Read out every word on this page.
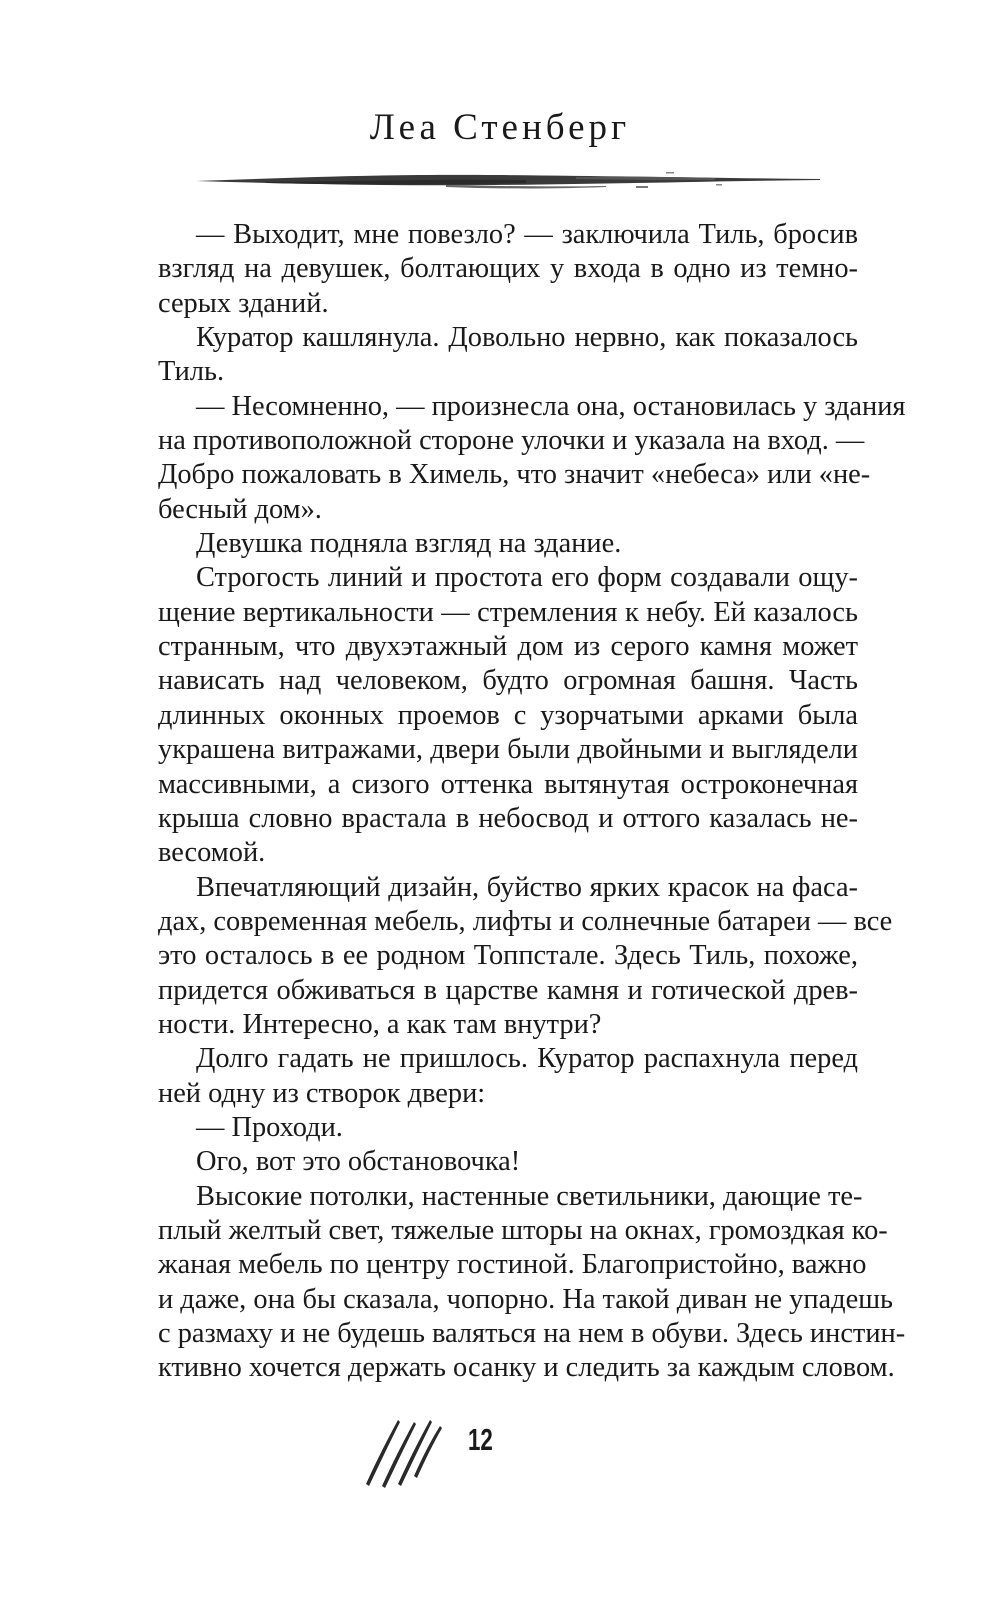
Леа Стенберг
— Выходит, мне повезло? — заключила Тиль, бросив
взгляд на девушек, болтающих у входа в одно из темно-
серых зданий.
Куратор кашлянула. Довольно нервно, как показалось
Тиль.
— Несомненно, — произнесла она, остановилась у здания
на противоположной стороне улочки и указала на вход. —
Добро пожаловать в Химель, что значит «небеса» или «не-
бесный дом».
Девушка подняла взгляд на здание.
Строгость линий и простота его форм создавали ощу-
щение вертикальности — стремления к небу. Ей казалось
странным, что двухэтажный дом из серого камня может
нависать над человеком, будто огромная башня. Часть
длинных оконных проемов с узорчатыми арками была
украшена витражами, двери были двойными и выглядели
массивными, а сизого оттенка вытянутая остроконечная
крыша словно врастала в небосвод и оттого казалась не-
весомой.
Впечатляющий дизайн, буйство ярких красок на фаса-
дах, современная мебель, лифты и солнечные батареи — все
это осталось в ее родном Топпстале. Здесь Тиль, похоже,
придется обживаться в царстве камня и готической древ-
ности. Интересно, а как там внутри?
Долго гадать не пришлось. Куратор распахнула перед
ней одну из створок двери:
— Проходи.
Ого, вот это обстановочка!
Высокие потолки, настенные светильники, дающие те-
плый желтый свет, тяжелые шторы на окнах, громоздкая ко-
жаная мебель по центру гостиной. Благопристойно, важно
и даже, она бы сказала, чопорно. На такой диван не упадешь
с размаху и не будешь валяться на нем в обуви. Здесь инстин-
ктивно хочется держать осанку и следить за каждым словом.
12
